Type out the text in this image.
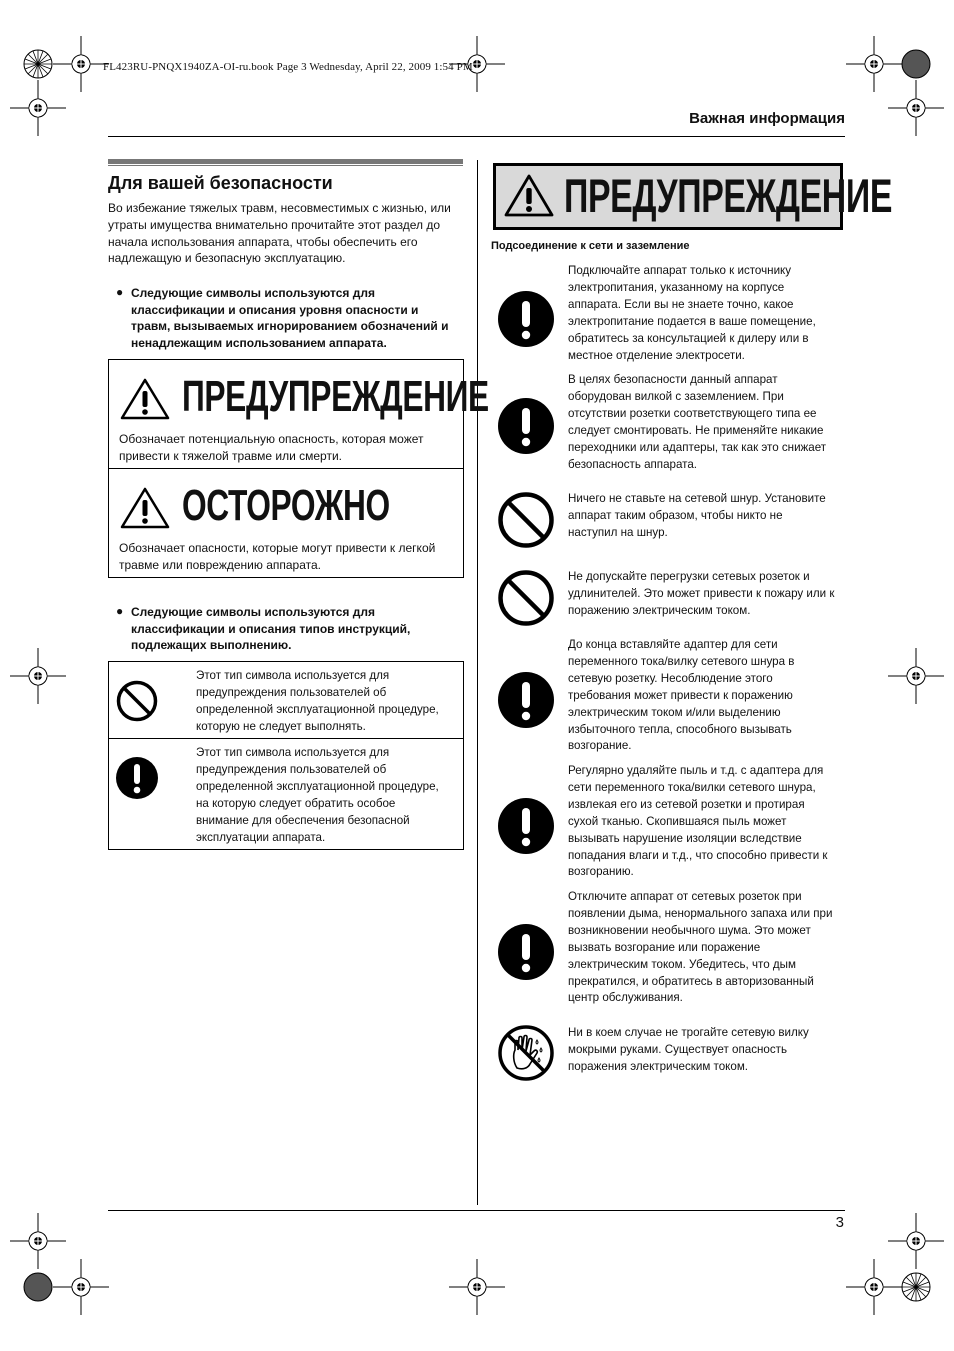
FL423RU-PNQX1940ZA-OI-ru.book Page 3 Wednesday, April 22, 2009 1:54 PM
Важная информация
Для вашей безопасности
Во избежание тяжелых травм, несовместимых с жизнью, или
утраты имущества внимательно прочитайте этот раздел до
начала использования аппарата, чтобы обеспечить его
надлежащую и безопасную эксплуатацию.
● Следующие символы используются для
классификации и описания уровня опасности и
травм, вызываемых игнорированием обозначений и
ненадлежащим использованием аппарата.
ПРЕДУПРЕЖДЕНИЕ
Обозначает потенциальную опасность, которая может
привести к тяжелой травме или смерти.
ОСТОРОЖНО
Обозначает опасности, которые могут привести к легкой
травме или повреждению аппарата.
● Следующие символы используются для
классификации и описания типов инструкций,
подлежащих выполнению.
Этот тип символа используется для
предупреждения пользователей об
определенной эксплуатационной процедуре,
которую не следует выполнять.
Этот тип символа используется для
предупреждения пользователей об
определенной эксплуатационной процедуре,
на которую следует обратить особое
внимание для обеспечения безопасной
эксплуатации аппарата.
ПРЕДУПРЕЖДЕНИЕ
Подсоединение к сети и заземление
Подключайте аппарат только к источнику
электропитания, указанному на корпусе
аппарата. Если вы не знаете точно, какое
электропитание подается в ваше помещение,
обратитесь за консультацией к дилеру или в
местное отделение электросети.
В целях безопасности данный аппарат
оборудован вилкой с заземлением. При
отсутствии розетки соответствующего типа ее
следует смонтировать. Не применяйте никакие
переходники или адаптеры, так как это снижает
безопасность аппарата.
Ничего не ставьте на сетевой шнур. Установите
аппарат таким образом, чтобы никто не
наступил на шнур.
Не допускайте перегрузки сетевых розеток и
удлинителей. Это может привести к пожару или к
поражению электрическим током.
До конца вставляйте адаптер для сети
переменного тока/вилку сетевого шнура в
сетевую розетку. Несоблюдение этого
требования может привести к поражению
электрическим током и/или выделению
избыточного тепла, способного вызывать
возгорание.
Регулярно удаляйте пыль и т.д. с адаптера для
сети переменного тока/вилки сетевого шнура,
извлекая его из сетевой розетки и протирая
сухой тканью. Скопившаяся пыль может
вызывать нарушение изоляции вследствие
попадания влаги и т.д., что способно привести к
возгоранию.
Отключите аппарат от сетевых розеток при
появлении дыма, ненормального запаха или при
возникновении необычного шума. Это может
вызвать возгорание или поражение
электрическим током. Убедитесь, что дым
прекратился, и обратитесь в авторизованный
центр обслуживания.
Ни в коем случае не трогайте сетевую вилку
мокрыми руками. Существует опасность
поражения электрическим током.
3
